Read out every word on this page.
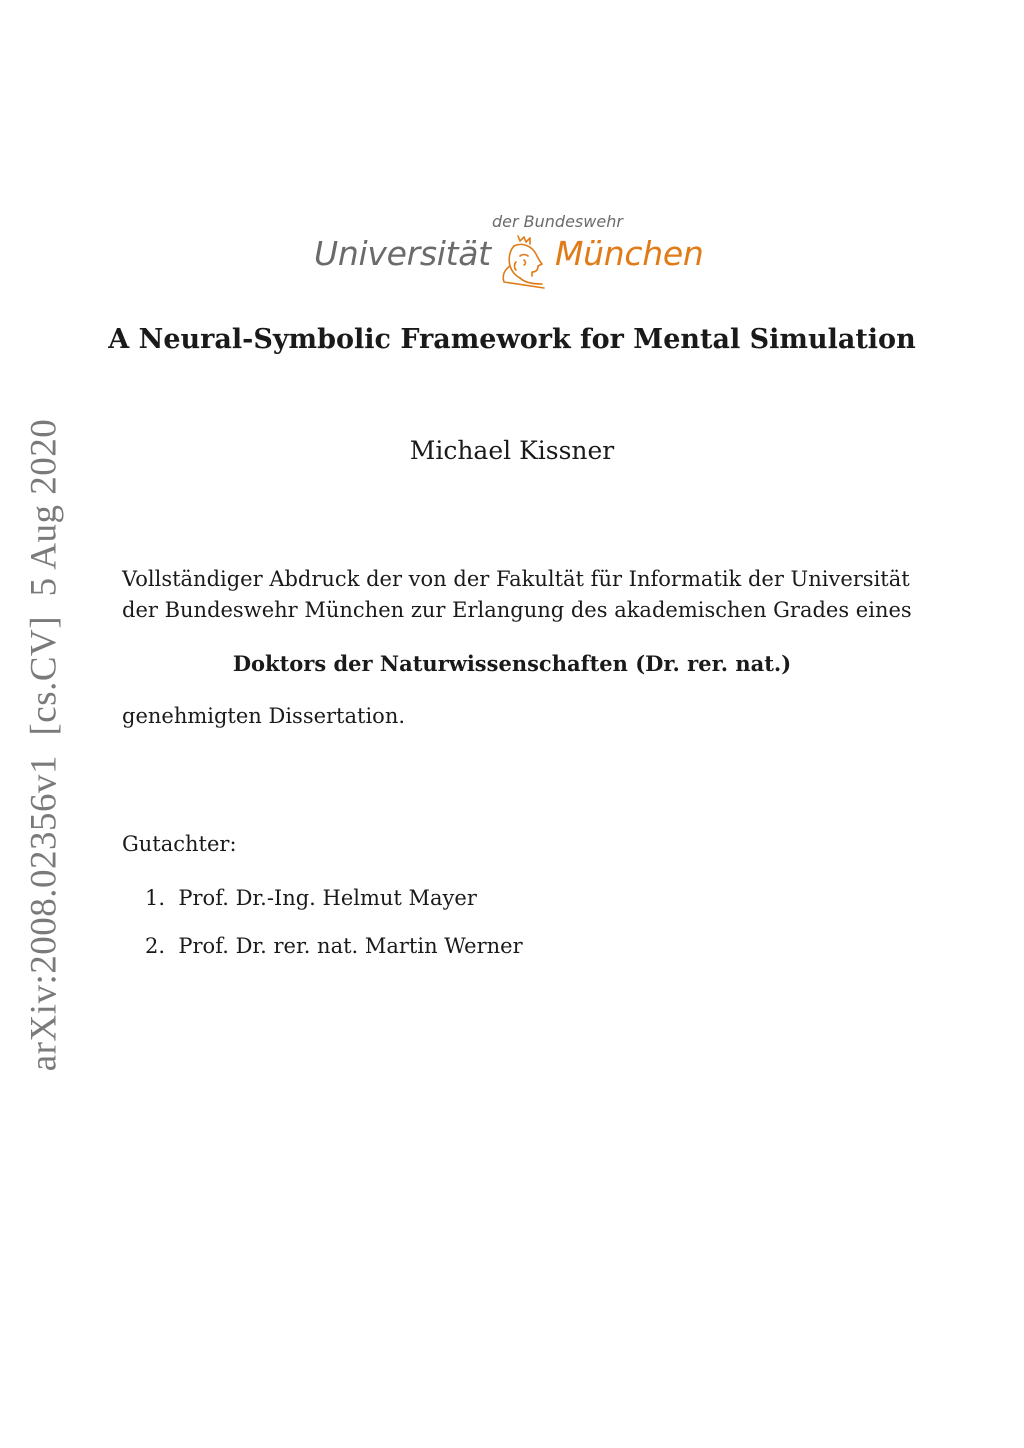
arXiv:2008.02356v1  [cs.CV]  5 Aug 2020
der Bundeswehr
Universität München
A Neural-Symbolic Framework for Mental Simulation
Michael Kissner
Vollständiger Abdruck der von der Fakultät für Informatik der Universität
der Bundeswehr München zur Erlangung des akademischen Grades eines
Doktors der Naturwissenschaften (Dr. rer. nat.)
genehmigten Dissertation.
Gutachter:
1.  Prof. Dr.-Ing. Helmut Mayer
2.  Prof. Dr. rer. nat. Martin Werner
